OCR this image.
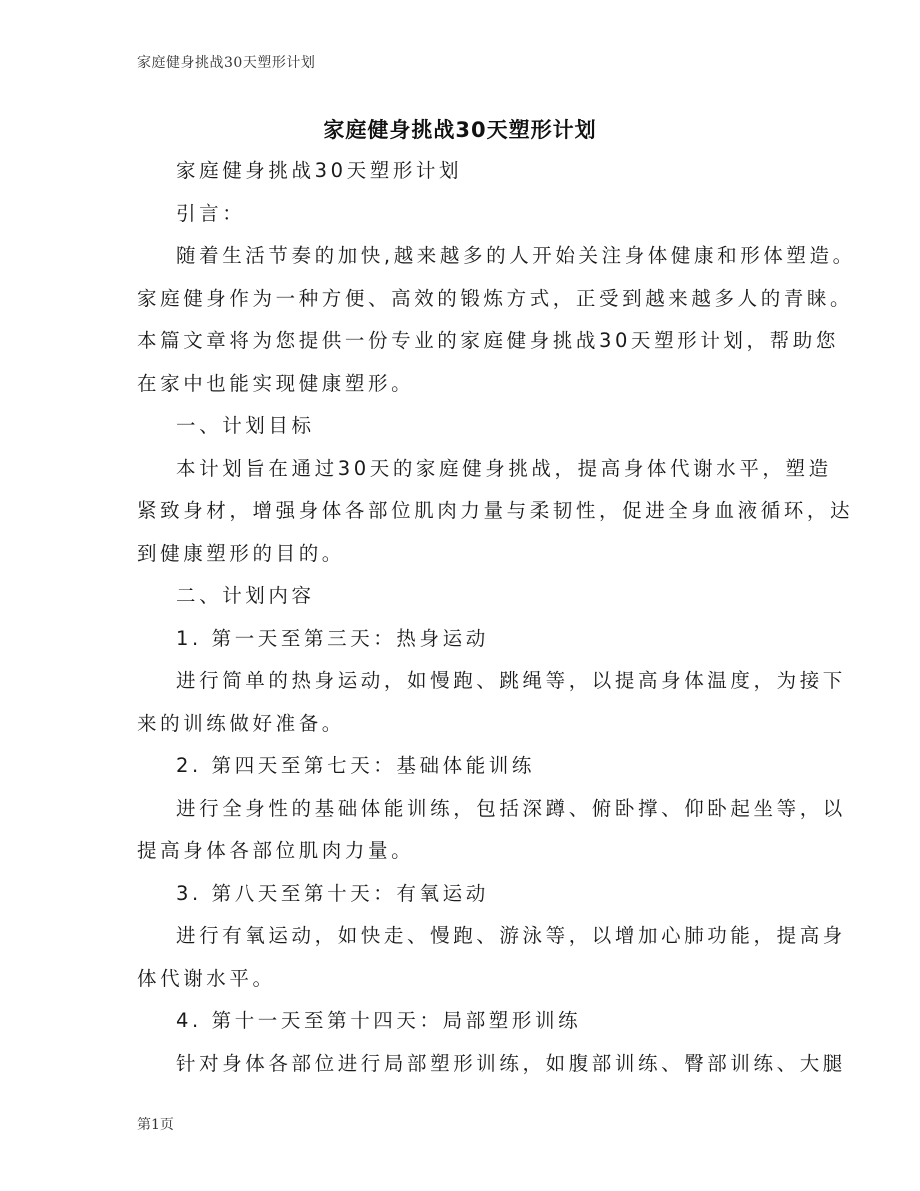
家庭健身挑战30天塑形计划
家庭健身挑战30天塑形计划
家庭健身挑战30天塑形计划
引言：
随着生活节奏的加快,越来越多的人开始关注身体健康和形体塑造。
家庭健身作为一种方便、高效的锻炼方式，正受到越来越多人的青睐。
本篇文章将为您提供一份专业的家庭健身挑战30天塑形计划，帮助您
在家中也能实现健康塑形。
一、计划目标
本计划旨在通过30天的家庭健身挑战，提高身体代谢水平，塑造
紧致身材，增强身体各部位肌肉力量与柔韧性，促进全身血液循环，达
到健康塑形的目的。
二、计划内容
1. 第一天至第三天：热身运动
进行简单的热身运动，如慢跑、跳绳等，以提高身体温度，为接下
来的训练做好准备。
2. 第四天至第七天：基础体能训练
进行全身性的基础体能训练，包括深蹲、俯卧撑、仰卧起坐等，以
提高身体各部位肌肉力量。
3. 第八天至第十天：有氧运动
进行有氧运动，如快走、慢跑、游泳等，以增加心肺功能，提高身
体代谢水平。
4. 第十一天至第十四天：局部塑形训练
针对身体各部位进行局部塑形训练，如腹部训练、臀部训练、大腿
第1页
